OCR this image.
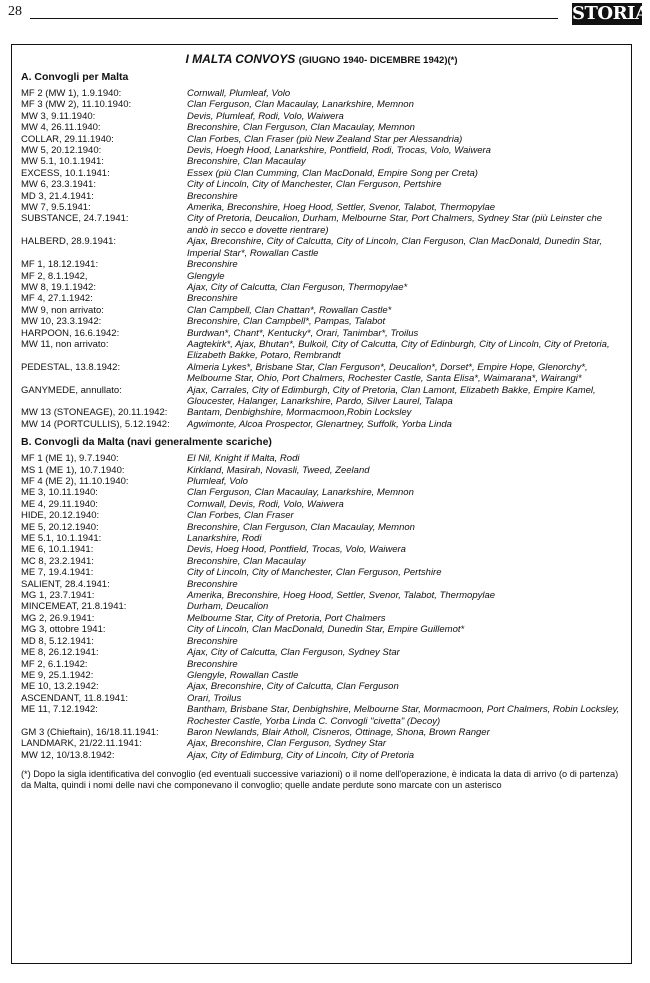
28	STORIA
I MALTA CONVOYS (GIUGNO 1940- DICEMBRE 1942)(*)
A. Convogli per Malta
MF 2 (MW 1), 1.9.1940:	Cornwall, Plumleaf, Volo
MF 3 (MW 2), 11.10.1940:	Clan Ferguson, Clan Macaulay, Lanarkshire, Memnon
MW 3, 9.11.1940:	Devis, Plumleaf, Rodi, Volo, Waiwera
MW 4, 26.11.1940:	Breconshire, Clan Ferguson, Clan Macaulay, Memnon
COLLAR, 29.11.1940:	Clan Forbes, Clan Fraser (più New Zealand Star per Alessandria)
MW 5, 20.12.1940:	Devis, Hoegh Hood, Lanarkshire, Pontfield, Rodi, Trocas, Volo, Waiwera
MW 5.1, 10.1.1941:	Breconshire, Clan Macaulay
EXCESS, 10.1.1941:	Essex (più Clan Cumming, Clan MacDonald, Empire Song per Creta)
MW 6, 23.3.1941:	City of Lincoln, City of Manchester, Clan Ferguson, Pertshire
MD 3, 21.4.1941:	Breconshire
MW 7, 9.5.1941:	Amerika, Breconshire, Hoeg Hood, Settler, Svenor, Talabot, Thermopylae
SUBSTANCE, 24.7.1941:	City of Pretoria, Deucalion, Durham, Melbourne Star, Port Chalmers, Sydney Star (più Leinster che andò in secco e dovette rientrare)
HALBERD, 28.9.1941:	Ajax, Breconshire, City of Calcutta, City of Lincoln, Clan Ferguson, Clan MacDonald, Dunedin Star, Imperial Star*, Rowallan Castle
MF 1, 18.12.1941:	Breconshire
MF 2, 8.1.1942,	Glengyle
MW 8, 19.1.1942:	Ajax, City of Calcutta, Clan Ferguson, Thermopylae*
MF 4, 27.1.1942:	Breconshire
MW 9, non arrivato:	Clan Campbell, Clan Chattan*, Rowallan Castle*
MW 10, 23.3.1942:	Breconshire, Clan Campbell*, Pampas, Talabot
HARPOON, 16.6.1942:	Burdwan*, Chant*, Kentucky*, Orari, Tanimbar*, Troilus
MW 11, non arrivato:	Aagtekirk*, Ajax, Bhutan*, Bulkoil, City of Calcutta, City of Edinburgh, City of Lincoln, City of Pretoria, Elizabeth Bakke, Potaro, Rembrandt
PEDESTAL, 13.8.1942:	Almeria Lykes*, Brisbane Star, Clan Ferguson*, Deucalion*, Dorset*, Empire Hope, Glenorchy*, Melbourne Star, Ohio, Port Chalmers, Rochester Castle, Santa Elisa*, Waimarana*, Wairangi*
GANYMEDE, annullato:	Ajax, Carrales, City of Edimburgh, City of Pretoria, Clan Lamont, Elizabeth Bakke, Empire Kamel, Gloucester, Halanger, Lanarkshire, Pardo, Silver Laurel, Talapa
MW 13 (STONEAGE), 20.11.1942:	Bantam, Denbighshire, Mormacmoon,Robin Locksley
MW 14 (PORTCULLIS), 5.12.1942:	Agwimonte, Alcoa Prospector, Glenartney, Suffolk, Yorba Linda
B. Convogli da Malta (navi generalmente scariche)
MF 1 (ME 1), 9.7.1940:	El Nil, Knight if Malta, Rodi
MS 1 (ME 1), 10.7.1940:	Kirkland, Masirah, Novasli, Tweed, Zeeland
MF 4 (ME 2), 11.10.1940:	Plumleaf, Volo
ME 3, 10.11.1940:	Clan Ferguson, Clan Macaulay, Lanarkshire, Memnon
ME 4, 29.11.1940:	Cornwall, Devis, Rodi, Volo, Waiwera
HIDE, 20.12.1940:	Clan Forbes, Clan Fraser
ME 5, 20.12.1940:	Breconshire, Clan Ferguson, Clan Macaulay, Memnon
ME 5.1, 10.1.1941:	Lanarkshire, Rodi
ME 6, 10.1.1941:	Devis, Hoeg Hood, Pontfield, Trocas, Volo, Waiwera
MC 8, 23.2.1941:	Breconshire, Clan Macaulay
ME 7, 19.4.1941:	City of Lincoln, City of Manchester, Clan Ferguson, Pertshire
SALIENT, 28.4.1941:	Breconshire
MG 1, 23.7.1941:	Amerika, Breconshire, Hoeg Hood, Settler, Svenor, Talabot, Thermopylae
MINCEMEAT, 21.8.1941:	Durham, Deucalion
MG 2, 26.9.1941:	Melbourne Star, City of Pretoria, Port Chalmers
MG 3, ottobre 1941:	City of Lincoln, Clan MacDonald, Dunedin Star, Empire Guillemot*
MD 8, 5.12.1941:	Breconshire
ME 8, 26.12.1941:	Ajax, City of Calcutta, Clan Ferguson, Sydney Star
MF 2, 6.1.1942:	Breconshire
ME 9, 25.1.1942:	Glengyle, Rowallan Castle
ME 10, 13.2.1942:	Ajax, Breconshire, City of Calcutta, Clan Ferguson
ASCENDANT, 11.8.1941:	Orari, Troilus
ME 11, 7.12.1942:	Bantham, Brisbane Star, Denbighshire, Melbourne Star, Mormacmoon, Port Chalmers, Robin Locksley, Rochester Castle, Yorba Linda C. Convogli "civetta" (Decoy)
GM 3 (Chieftain), 16/18.11.1941:	Baron Newlands, Blair Atholl, Cisneros, Ottinage, Shona, Brown Ranger
LANDMARK, 21/22.11.1941:	Ajax, Breconshire, Clan Ferguson, Sydney Star
MW 12, 10/13.8.1942:	Ajax, City of Edimburg, City of Lincoln, City of Pretoria
(*) Dopo la sigla identificativa del convoglio (ed eventuali successive variazioni) o il nome dell'operazione, è indicata la data di arrivo (o di partenza) da Malta, quindi i nomi delle navi che componevano il convoglio; quelle andate perdute sono marcate con un asterisco
